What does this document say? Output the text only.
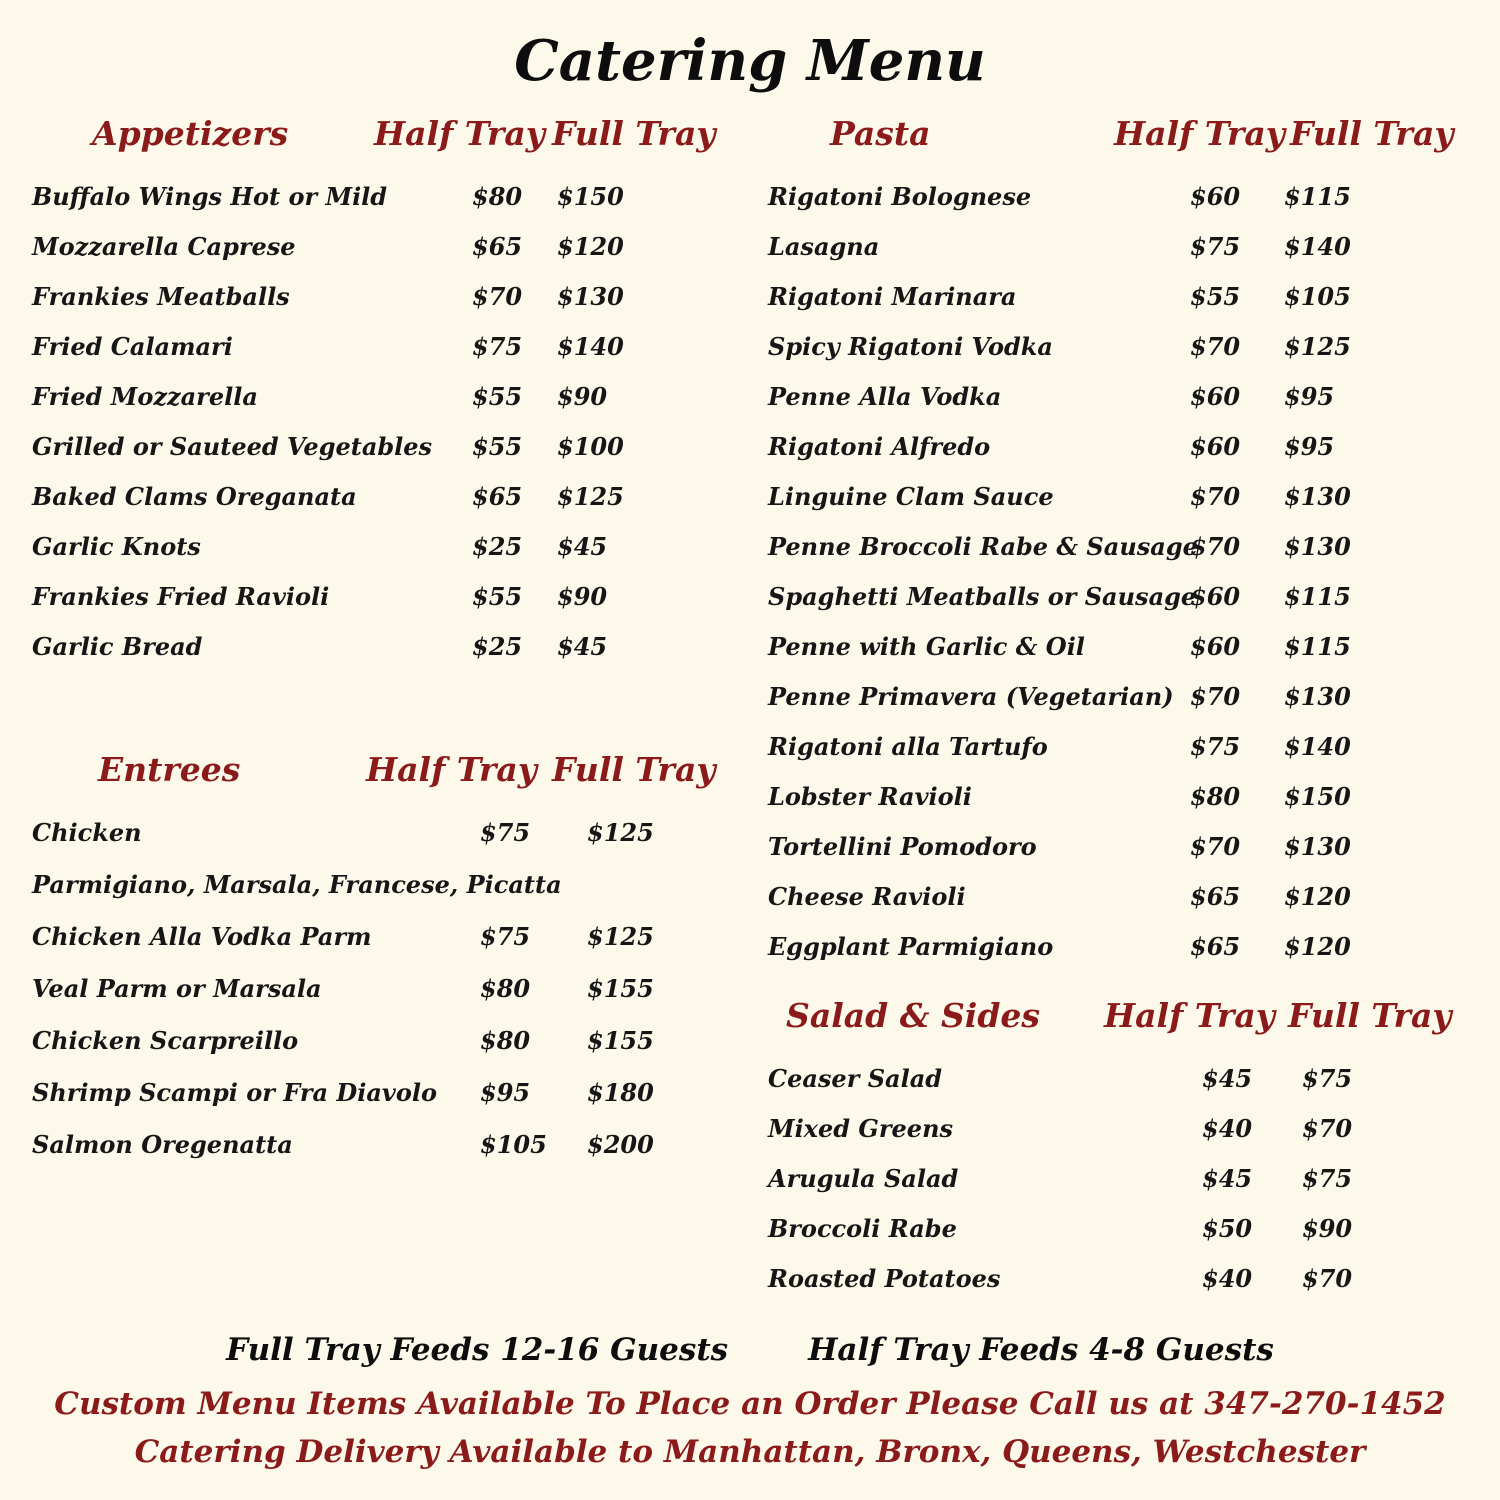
Catering Menu
Appetizers	Half Tray Full Tray
Buffalo Wings Hot or Mild	$80 $150
Mozzarella Caprese	$65 $120
Frankies Meatballs	$70 $130
Fried Calamari	$75 $140
Fried Mozzarella	$55 $90
Grilled or Sauteed Vegetables $55 $100
Baked Clams Oreganata	$65 $125
Garlic Knots	$25 $45
Frankies Fried Ravioli	$55 $90
Garlic Bread	$25 $45
Entrees	Half Tray Full Tray
Chicken	$75 $125
Parmigiano, Marsala, Francese, Picatta
Chicken Alla Vodka Parm	$75 $125
Veal Parm or Marsala	$80 $155
Chicken Scarpreillo	$80 $155
Shrimp Scampi or Fra Diavolo $95 $180
Salmon Oregenatta	$105 $200
Pasta	Half Tray Full Tray
Rigatoni Bolognese	$60 $115
Lasagna	$75 $140
Rigatoni Marinara	$55 $105
Spicy Rigatoni Vodka	$70 $125
Penne Alla Vodka	$60 $95
Rigatoni Alfredo	$60 $95
Linguine Clam Sauce	$70 $130
Penne Broccoli Rabe & Sausage
$70 $130
Spaghetti Meatballs or Sausage
$60 $115
Penne with Garlic & Oil	$60 $115
Penne Primavera (Vegetarian) $70 $130
Rigatoni alla Tartufo	$75 $140
Lobster Ravioli	$80 $150
Tortellini Pomodoro	$70 $130
Cheese Ravioli	$65 $120
Eggplant Parmigiano	$65 $120
Salad & Sides Half Tray Full Tray
Ceaser Salad	$45 $75
Mixed Greens	$40 $70
Arugula Salad	$45 $75
Broccoli Rabe	$50 $90
Roasted Potatoes	$40 $70
Full Tray Feeds 12-16 Guests	Half Tray Feeds 4-8 Guests
Custom Menu Items Available To Place an Order Please Call us at 347-270-1452
Catering Delivery Available to Manhattan, Bronx, Queens, Westchester
